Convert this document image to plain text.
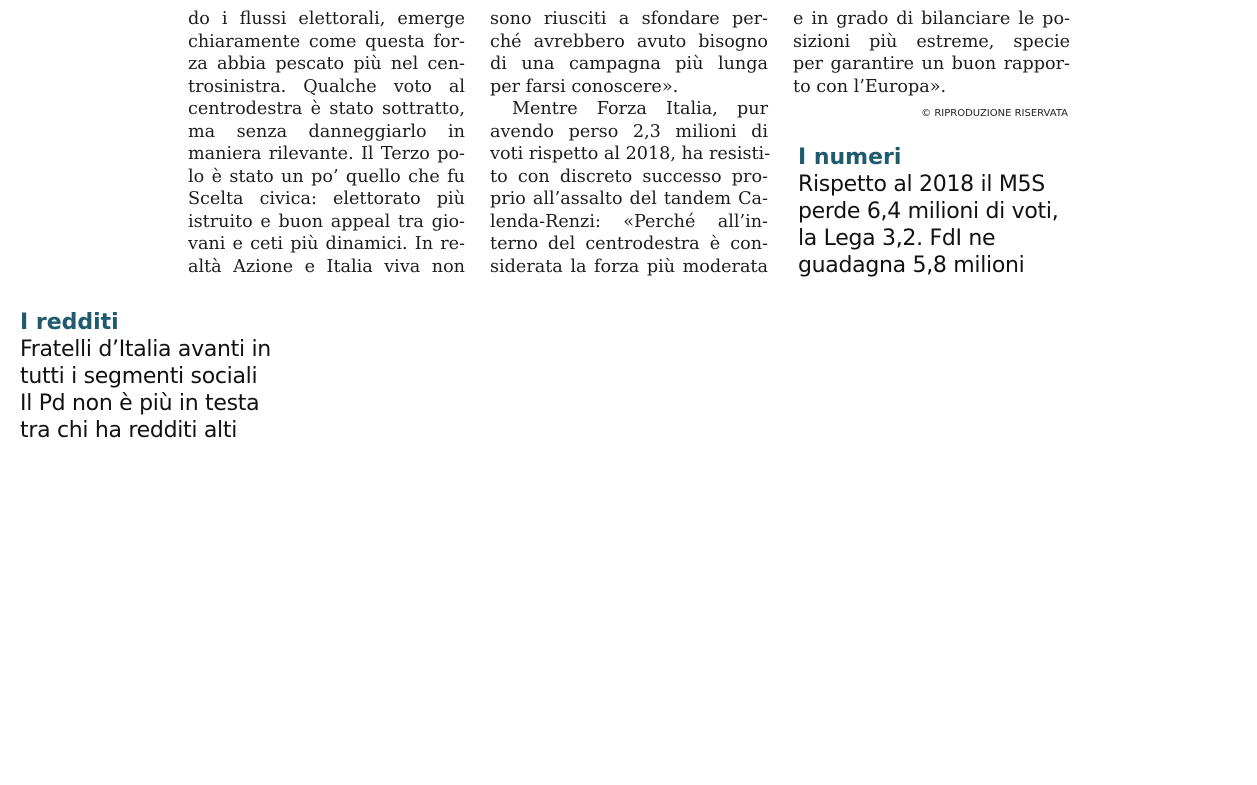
do i flussi elettorali, emerge
chiaramente come questa for-
za abbia pescato più nel cen-
trosinistra. Qualche voto al
centrodestra è stato sottratto,
ma senza danneggiarlo in
maniera rilevante. Il Terzo po-
lo è stato un po’ quello che fu
Scelta civica: elettorato più
istruito e buon appeal tra gio-
vani e ceti più dinamici. In re-
altà Azione e Italia viva non
sono riusciti a sfondare per-
ché avrebbero avuto bisogno
di una campagna più lunga
per farsi conoscere».
Mentre Forza Italia, pur
avendo perso 2,3 milioni di
voti rispetto al 2018, ha resisti-
to con discreto successo pro-
prio all’assalto del tandem Ca-
lenda-Renzi: «Perché all’in-
terno del centrodestra è con-
siderata la forza più moderata
e in grado di bilanciare le po-
sizioni più estreme, specie
per garantire un buon rappor-
to con l’Europa».
© RIPRODUZIONE RISERVATA
I numeri
Rispetto al 2018 il M5S
perde 6,4 milioni di voti,
la Lega 3,2. FdI ne
guadagna 5,8 milioni
I redditi
Fratelli d’Italia avanti in
tutti i segmenti sociali
Il Pd non è più in testa
tra chi ha redditi alti
